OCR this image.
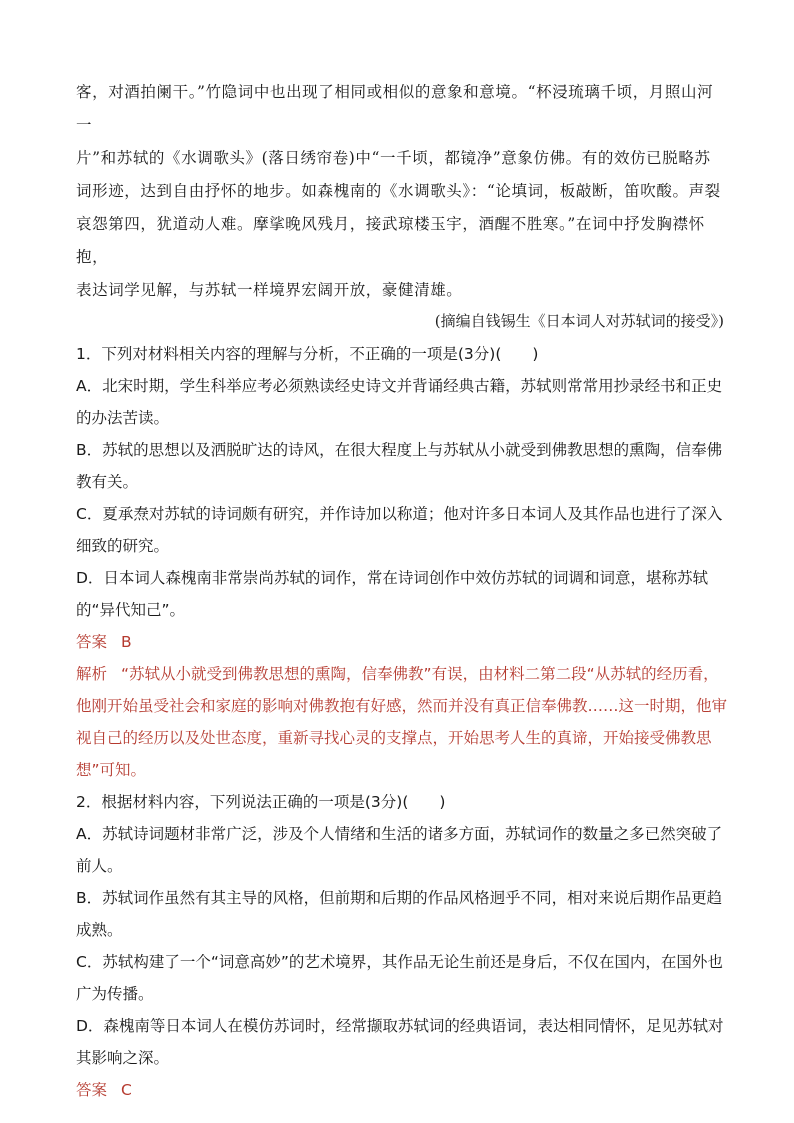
客，对酒拍阑干。”竹隐词中也出现了相同或相似的意象和意境。“杯浸琉璃千顷，月照山河一

片”和苏轼的《水调歌头》(落日绣帘卷)中“一千顷，都镜净”意象仿佛。有的效仿已脱略苏

词形迹，达到自由抒怀的地步。如森槐南的《水调歌头》：“论填词，板敲断，笛吹酸。声裂

哀怨第四，犹道动人难。摩挲晚风残月，接武琼楼玉宇，酒醒不胜寒。”在词中抒发胸襟怀抱，

表达词学见解，与苏轼一样境界宏阔开放，豪健清雄。

(摘编自钱锡生《日本词人对苏轼词的接受》)

1．下列对材料相关内容的理解与分析，不正确的一项是(3分)(　　)

A．北宋时期，学生科举应考必须熟读经史诗文并背诵经典古籍，苏轼则常常用抄录经书和正史的办法苦读。

B．苏轼的思想以及洒脱旷达的诗风，在很大程度上与苏轼从小就受到佛教思想的熏陶，信奉佛教有关。

C．夏承焘对苏轼的诗词颇有研究，并作诗加以称道；他对许多日本词人及其作品也进行了深入细致的研究。

D．日本词人森槐南非常崇尚苏轼的词作，常在诗词创作中效仿苏轼的词调和词意，堪称苏轼的“异代知己”。

答案 B

解析 “苏轼从小就受到佛教思想的熏陶，信奉佛教”有误，由材料二第二段“从苏轼的经历看，他刚开始虽受社会和家庭的影响对佛教抱有好感，然而并没有真正信奉佛教……这一时期，他审视自己的经历以及处世态度，重新寻找心灵的支撑点，开始思考人生的真谛，开始接受佛教思想”可知。

2．根据材料内容，下列说法正确的一项是(3分)(　　)

A．苏轼诗词题材非常广泛，涉及个人情绪和生活的诸多方面，苏轼词作的数量之多已然突破了前人。

B．苏轼词作虽然有其主导的风格，但前期和后期的作品风格迥乎不同，相对来说后期作品更趋成熟。

C．苏轼构建了一个“词意高妙”的艺术境界，其作品无论生前还是身后，不仅在国内，在国外也广为传播。

D．森槐南等日本词人在模仿苏词时，经常撷取苏轼词的经典语词，表达相同情怀，足见苏轼对其影响之深。

答案 C
